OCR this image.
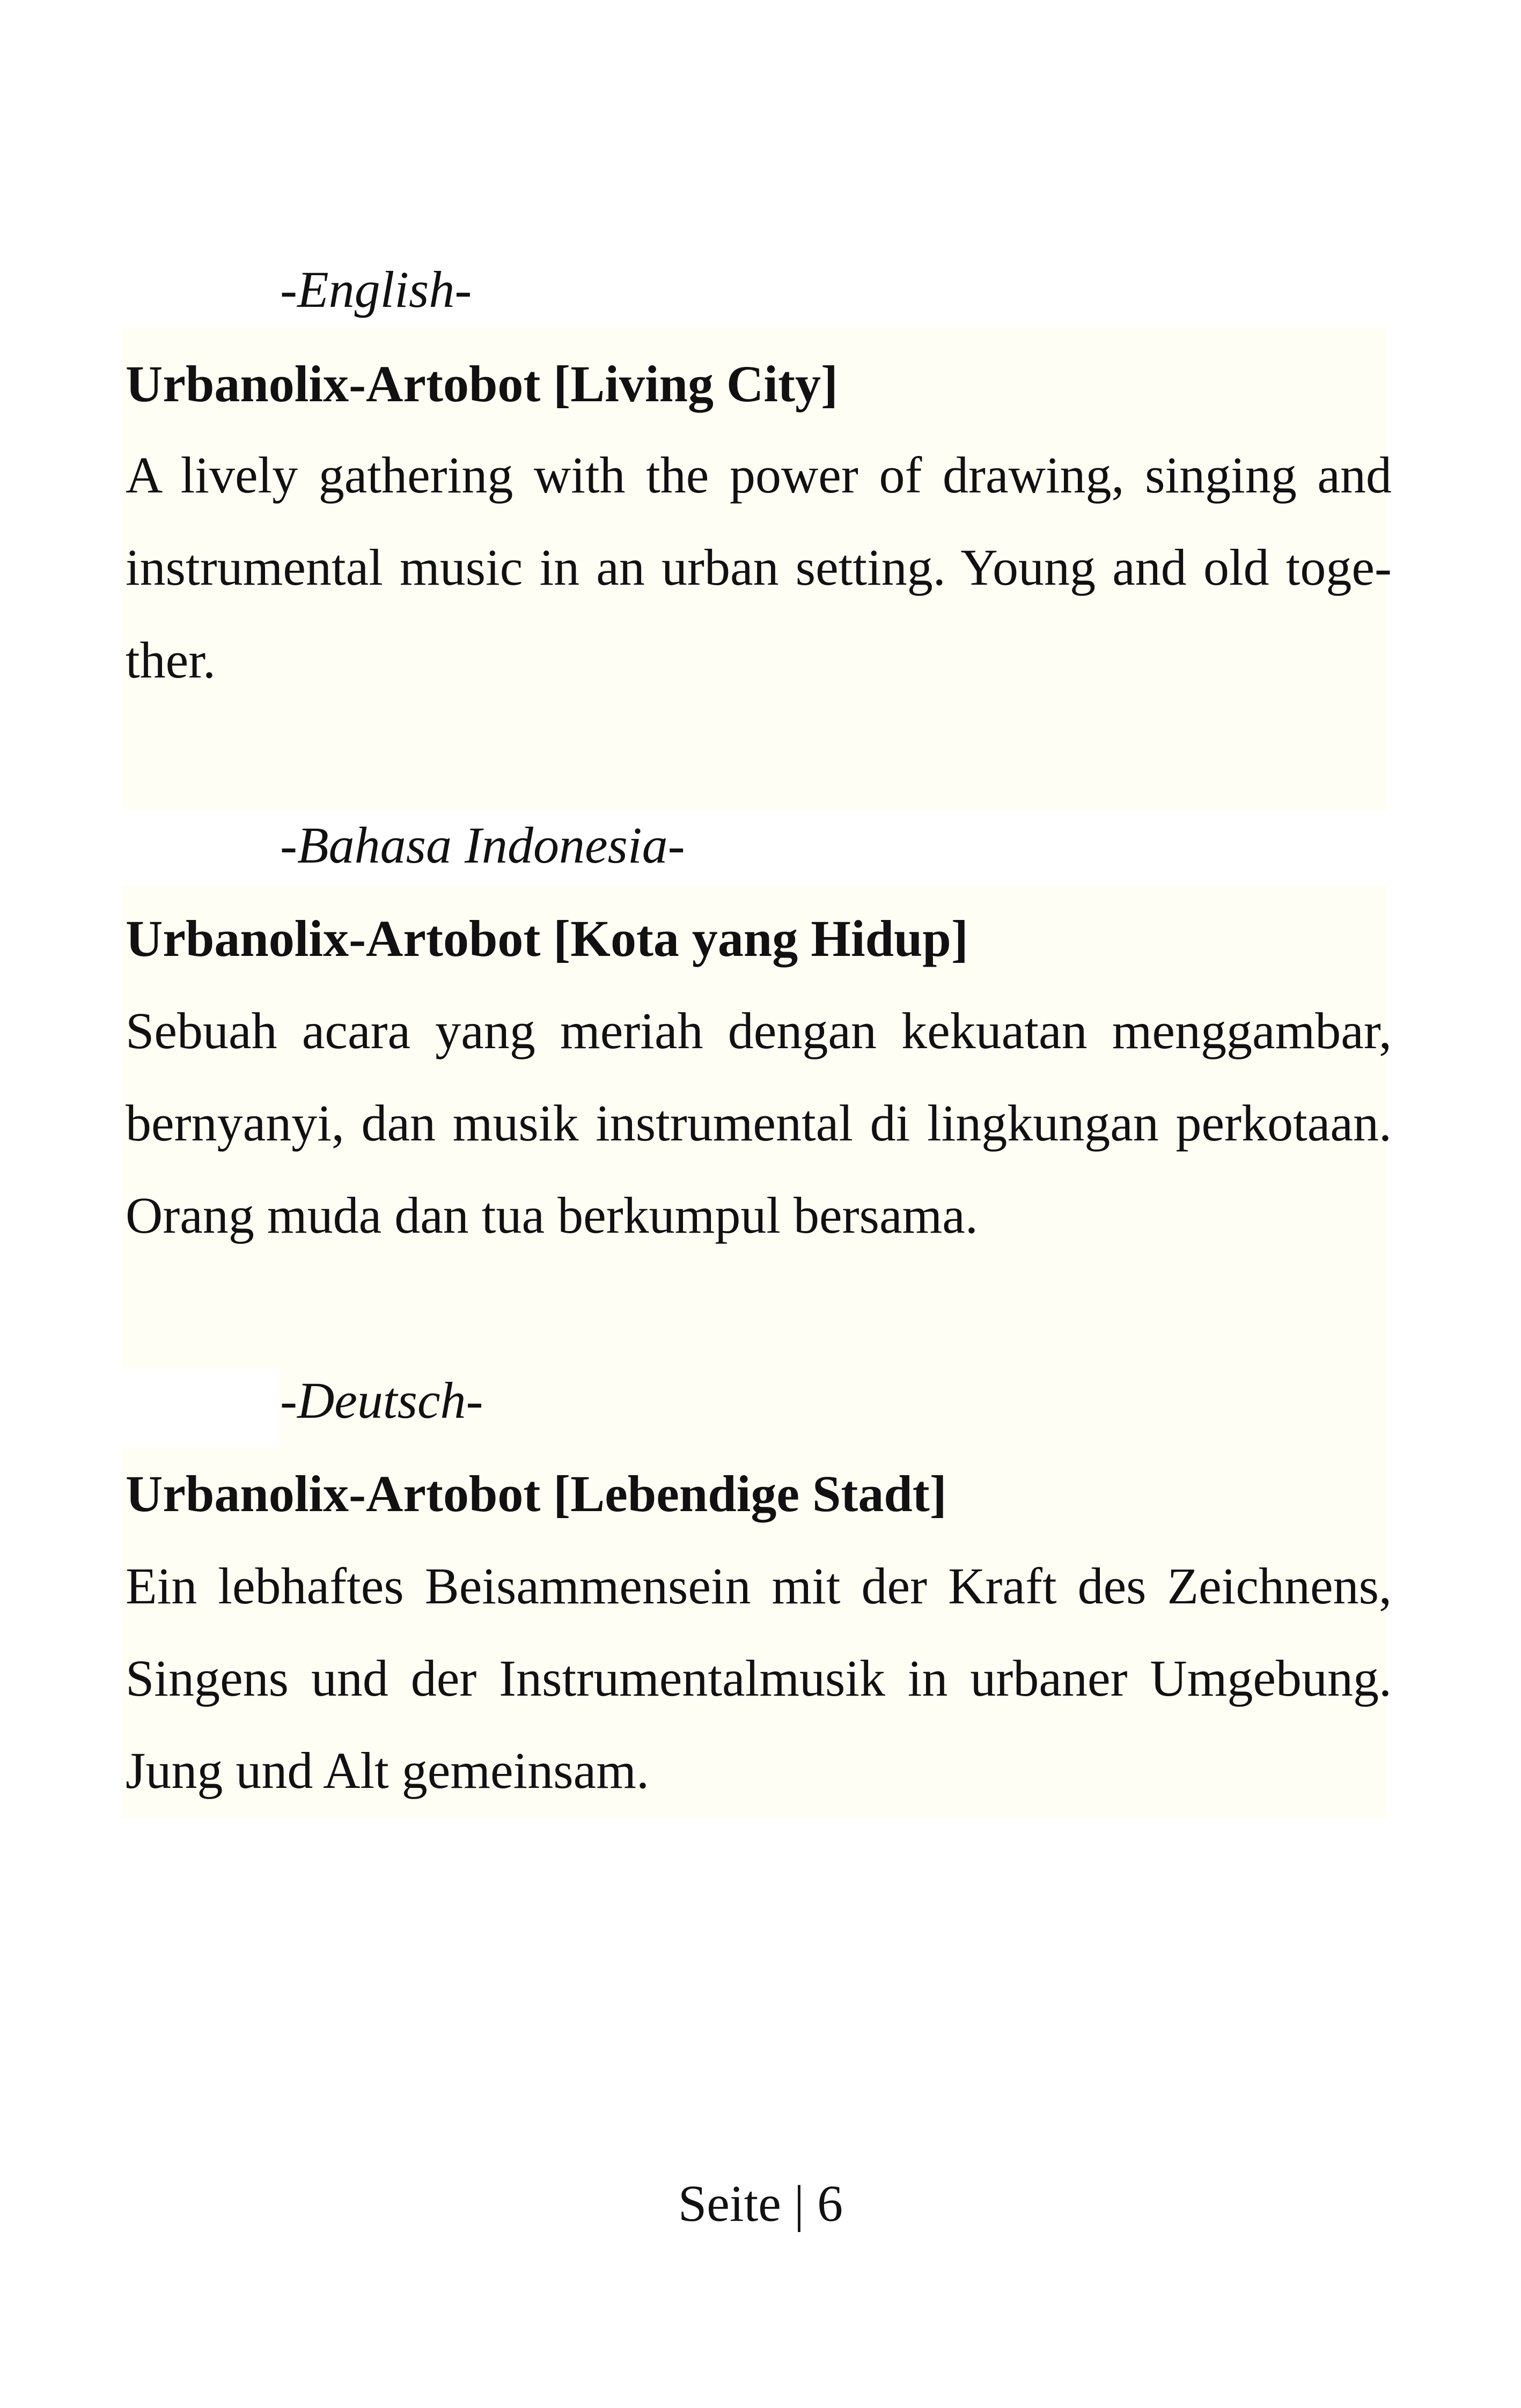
-English-
Urbanolix-Artobot [Living City]
A lively gathering with the power of drawing, singing and
instrumental music in an urban setting. Young and old toge-
ther.
-Bahasa Indonesia-
Urbanolix-Artobot [Kota yang Hidup]
Sebuah acara yang meriah dengan kekuatan menggambar,
bernyanyi, dan musik instrumental di lingkungan perkotaan.
Orang muda dan tua berkumpul bersama.
-Deutsch-
Urbanolix-Artobot [Lebendige Stadt]
Ein lebhaftes Beisammensein mit der Kraft des Zeichnens,
Singens und der Instrumentalmusik in urbaner Umgebung.
Jung und Alt gemeinsam.
Seite | 6
